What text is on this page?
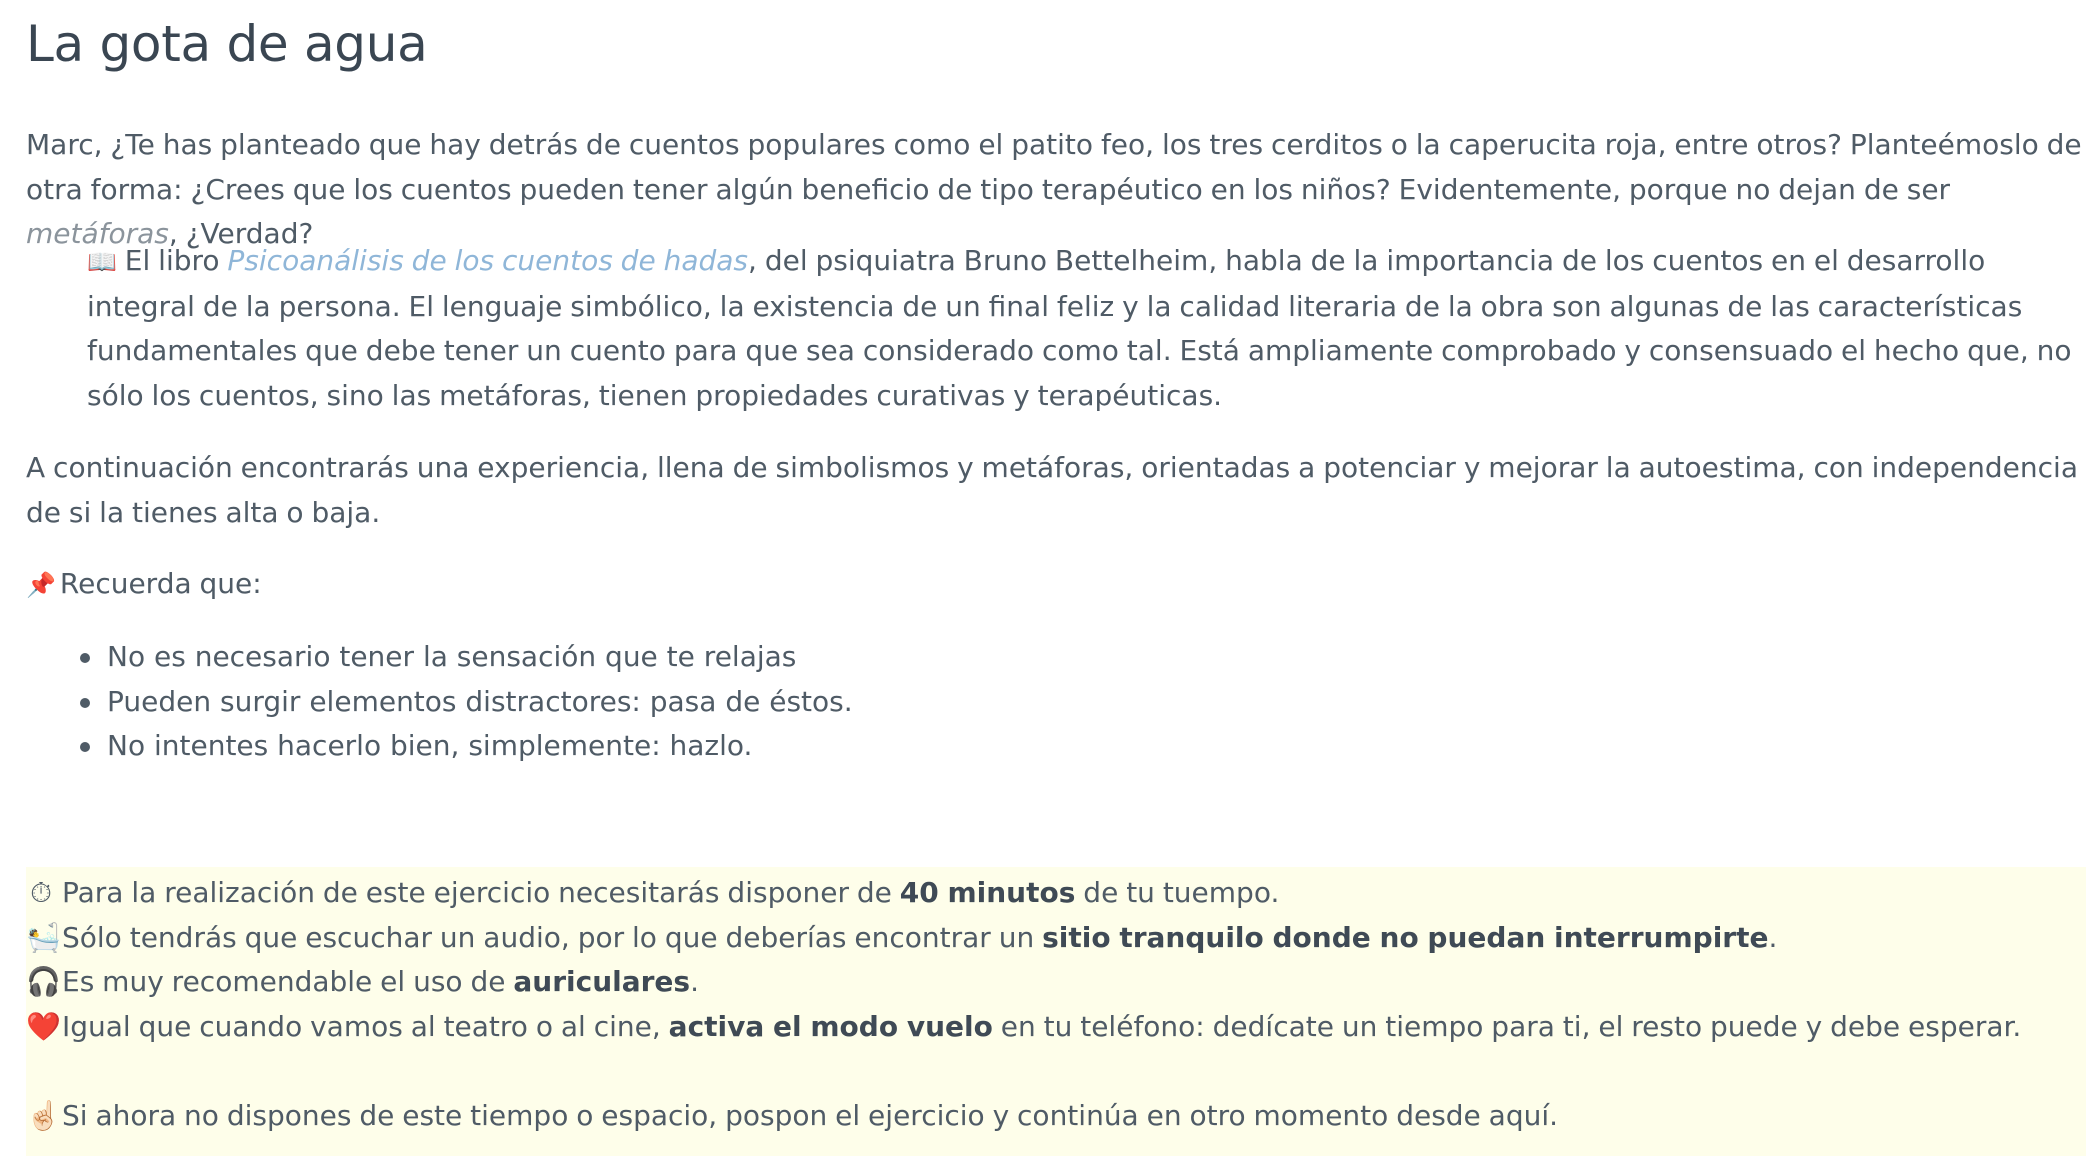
La gota de agua

Marc, ¿Te has planteado que hay detrás de cuentos populares como el patito feo, los tres cerditos o la caperucita roja, entre otros? Planteémoslo de otra forma: ¿Crees que los cuentos pueden tener algún beneficio de tipo terapéutico en los niños? Evidentemente, porque no dejan de ser metáforas, ¿Verdad?

📖 El libro Psicoanálisis de los cuentos de hadas, del psiquiatra Bruno Bettelheim, habla de la importancia de los cuentos en el desarrollo integral de la persona. El lenguaje simbólico, la existencia de un final feliz y la calidad literaria de la obra son algunas de las características fundamentales que debe tener un cuento para que sea considerado como tal. Está ampliamente comprobado y consensuado el hecho que, no sólo los cuentos, sino las metáforas, tienen propiedades curativas y terapéuticas.

A continuación encontrarás una experiencia, llena de simbolismos y metáforas, orientadas a potenciar y mejorar la autoestima, con independencia de si la tienes alta o baja.

📌 Recuerda que:

No es necesario tener la sensación que te relajas
Pueden surgir elementos distractores: pasa de éstos.
No intentes hacerlo bien, simplemente: hazlo.

⏱ Para la realización de este ejercicio necesitarás disponer de 40 minutos de tu tuempo.

🛀Sólo tendrás que escuchar un audio, por lo que deberías encontrar un sitio tranquilo donde no puedan interrumpirte.

🎧Es muy recomendable el uso de auriculares.

❤️Igual que cuando vamos al teatro o al cine, activa el modo vuelo en tu teléfono: dedícate un tiempo para ti, el resto puede y debe esperar.

☝🏻Si ahora no dispones de este tiempo o espacio, pospon el ejercicio y continúa en otro momento desde aquí.
